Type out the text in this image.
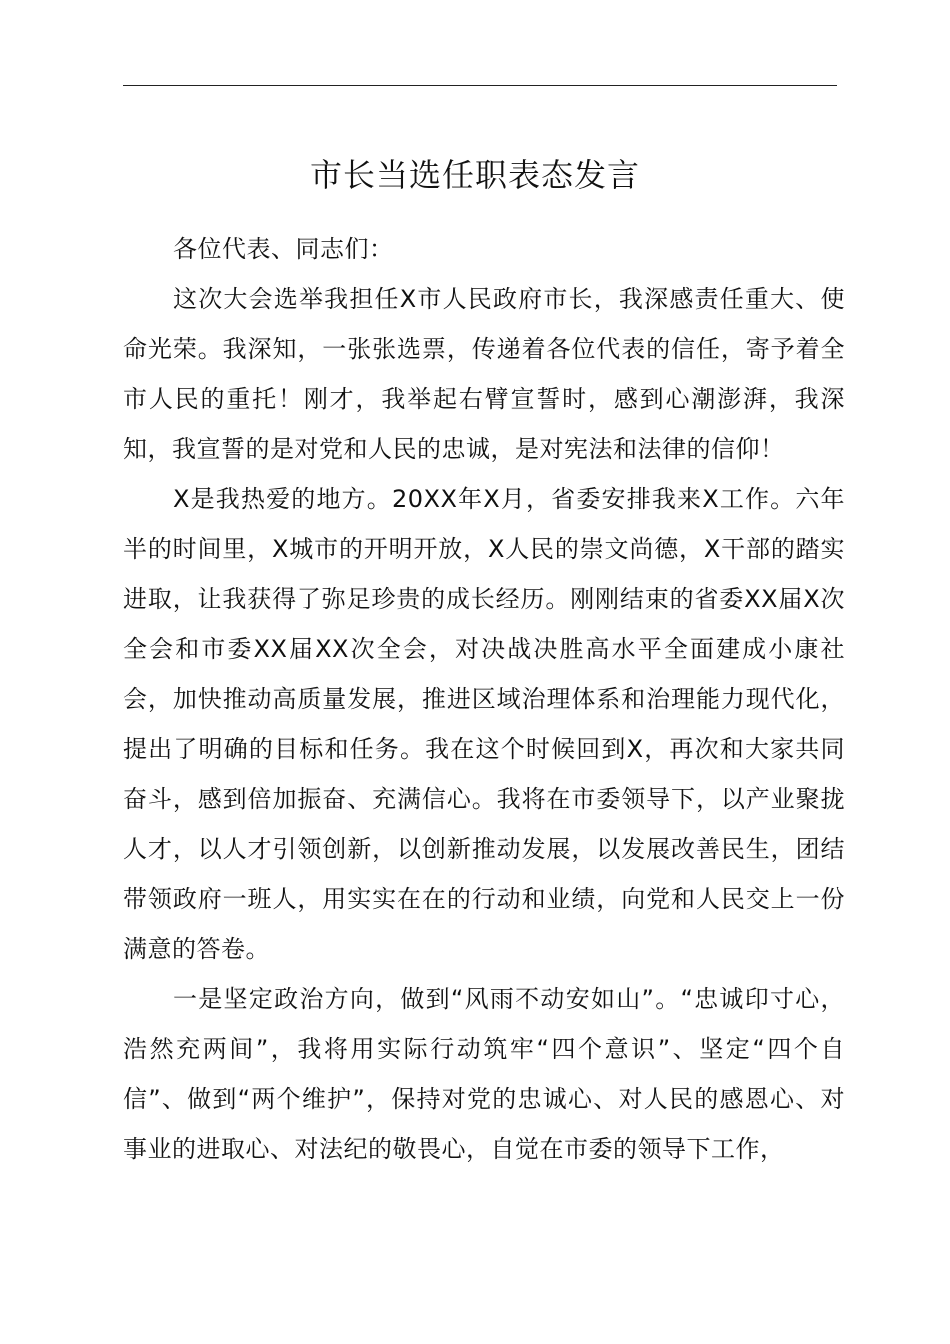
市长当选任职表态发言

各位代表、同志们：

这次大会选举我担任X市人民政府市长，我深感责任重大、使命光荣。我深知，一张张选票，传递着各位代表的信任，寄予着全市人民的重托！刚才，我举起右臂宣誓时，感到心潮澎湃，我深知，我宣誓的是对党和人民的忠诚，是对宪法和法律的信仰！

X是我热爱的地方。20XX年X月，省委安排我来X工作。六年半的时间里，X城市的开明开放，X人民的崇文尚德，X干部的踏实进取，让我获得了弥足珍贵的成长经历。刚刚结束的省委XX届X次全会和市委XX届XX次全会，对决战决胜高水平全面建成小康社会，加快推动高质量发展，推进区域治理体系和治理能力现代化，提出了明确的目标和任务。我在这个时候回到X，再次和大家共同奋斗，感到倍加振奋、充满信心。我将在市委领导下，以产业聚拢人才，以人才引领创新，以创新推动发展，以发展改善民生，团结带领政府一班人，用实实在在的行动和业绩，向党和人民交上一份满意的答卷。

一是坚定政治方向，做到“风雨不动安如山”。“忠诚印寸心，浩然充两间”，我将用实际行动筑牢“四个意识”、坚定“四个自信”、做到“两个维护”，保持对党的忠诚心、对人民的感恩心、对事业的进取心、对法纪的敬畏心，自觉在市委的领导下工作，
